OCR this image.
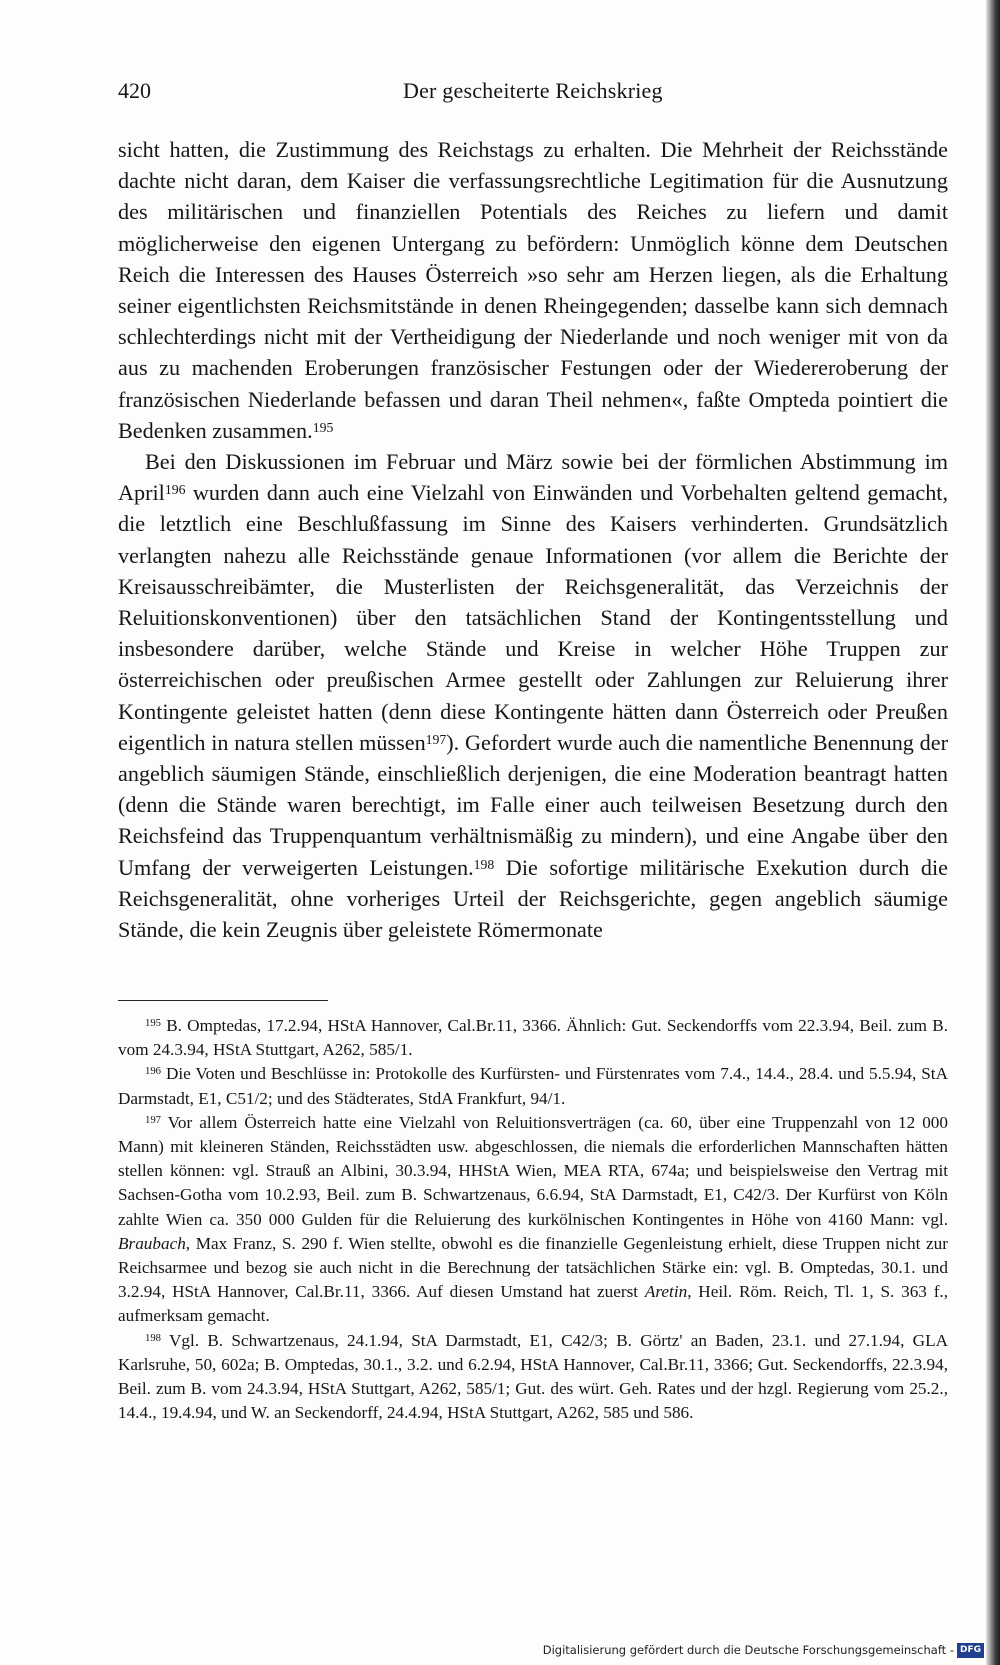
420	Der gescheiterte Reichskrieg

sicht hatten, die Zustimmung des Reichstags zu erhalten. Die Mehrheit der Reichsstände dachte nicht daran, dem Kaiser die verfassungsrechtliche Legitimation für die Ausnutzung des militärischen und finanziellen Potentials des Reiches zu liefern und damit möglicherweise den eigenen Untergang zu befördern: Unmöglich könne dem Deutschen Reich die Interessen des Hauses Österreich »so sehr am Herzen liegen, als die Erhaltung seiner eigentlichsten Reichsmitstände in denen Rheingegenden; dasselbe kann sich demnach schlechterdings nicht mit der Vertheidigung der Niederlande und noch weniger mit von da aus zu machenden Eroberungen französischer Festungen oder der Wiedereroberung der französischen Niederlande befassen und daran Theil nehmen«, faßte Ompteda pointiert die Bedenken zusammen.$^{195}$

Bei den Diskussionen im Februar und März sowie bei der förmlichen Abstimmung im April$^{196}$ wurden dann auch eine Vielzahl von Einwänden und Vorbehalten geltend gemacht, die letztlich eine Beschlußfassung im Sinne des Kaisers verhinderten. Grundsätzlich verlangten nahezu alle Reichsstände genaue Informationen (vor allem die Berichte der Kreisausschreibämter, die Musterlisten der Reichsgeneralität, das Verzeichnis der Reluitionskonventionen) über den tatsächlichen Stand der Kontingentsstellung und insbesondere darüber, welche Stände und Kreise in welcher Höhe Truppen zur österreichischen oder preußischen Armee gestellt oder Zahlungen zur Reluierung ihrer Kontingente geleistet hatten (denn diese Kontingente hätten dann Österreich oder Preußen eigentlich in natura stellen müssen$^{197}$). Gefordert wurde auch die namentliche Benennung der angeblich säumigen Stände, einschließlich derjenigen, die eine Moderation beantragt hatten (denn die Stände waren berechtigt, im Falle einer auch teilweisen Besetzung durch den Reichsfeind das Truppenquantum verhältnismäßig zu mindern), und eine Angabe über den Umfang der verweigerten Leistungen.$^{198}$ Die sofortige militärische Exekution durch die Reichsgeneralität, ohne vorheriges Urteil der Reichsgerichte, gegen angeblich säumige Stände, die kein Zeugnis über geleistete Römermonate

$^{195}$ B. Omptedas, 17.2.94, HStA Hannover, Cal.Br.11, 3366. Ähnlich: Gut. Seckendorffs vom 22.3.94, Beil. zum B. vom 24.3.94, HStA Stuttgart, A262, 585/1.

$^{196}$ Die Voten und Beschlüsse in: Protokolle des Kurfürsten- und Fürstenrates vom 7.4., 14.4., 28.4. und 5.5.94, StA Darmstadt, E1, C51/2; und des Städterates, StdA Frankfurt, 94/1.

$^{197}$ Vor allem Österreich hatte eine Vielzahl von Reluitionsverträgen (ca. 60, über eine Truppenzahl von 12 000 Mann) mit kleineren Ständen, Reichsstädten usw. abgeschlossen, die niemals die erforderlichen Mannschaften hätten stellen können: vgl. Strauß an Albini, 30.3.94, HHStA Wien, MEA RTA, 674a; und beispielsweise den Vertrag mit Sachsen-Gotha vom 10.2.93, Beil. zum B. Schwartzenaus, 6.6.94, StA Darmstadt, E1, C42/3. Der Kurfürst von Köln zahlte Wien ca. 350 000 Gulden für die Reluierung des kurkölnischen Kontingentes in Höhe von 4160 Mann: vgl. Braubach, Max Franz, S. 290 f. Wien stellte, obwohl es die finanzielle Gegenleistung erhielt, diese Truppen nicht zur Reichsarmee und bezog sie auch nicht in die Berechnung der tatsächlichen Stärke ein: vgl. B. Omptedas, 30.1. und 3.2.94, HStA Hannover, Cal.Br.11, 3366. Auf diesen Umstand hat zuerst Aretin, Heil. Röm. Reich, Tl. 1, S. 363 f., aufmerksam gemacht.

$^{198}$ Vgl. B. Schwartzenaus, 24.1.94, StA Darmstadt, E1, C42/3; B. Görtz' an Baden, 23.1. und 27.1.94, GLA Karlsruhe, 50, 602a; B. Omptedas, 30.1., 3.2. und 6.2.94, HStA Hannover, Cal.Br.11, 3366; Gut. Seckendorffs, 22.3.94, Beil. zum B. vom 24.3.94, HStA Stuttgart, A262, 585/1; Gut. des würt. Geh. Rates und der hzgl. Regierung vom 25.2., 14.4., 19.4.94, und W. an Seckendorff, 24.4.94, HStA Stuttgart, A262, 585 und 586.

Digitalisierung gefördert durch die Deutsche Forschungsgemeinschaft - DFG
